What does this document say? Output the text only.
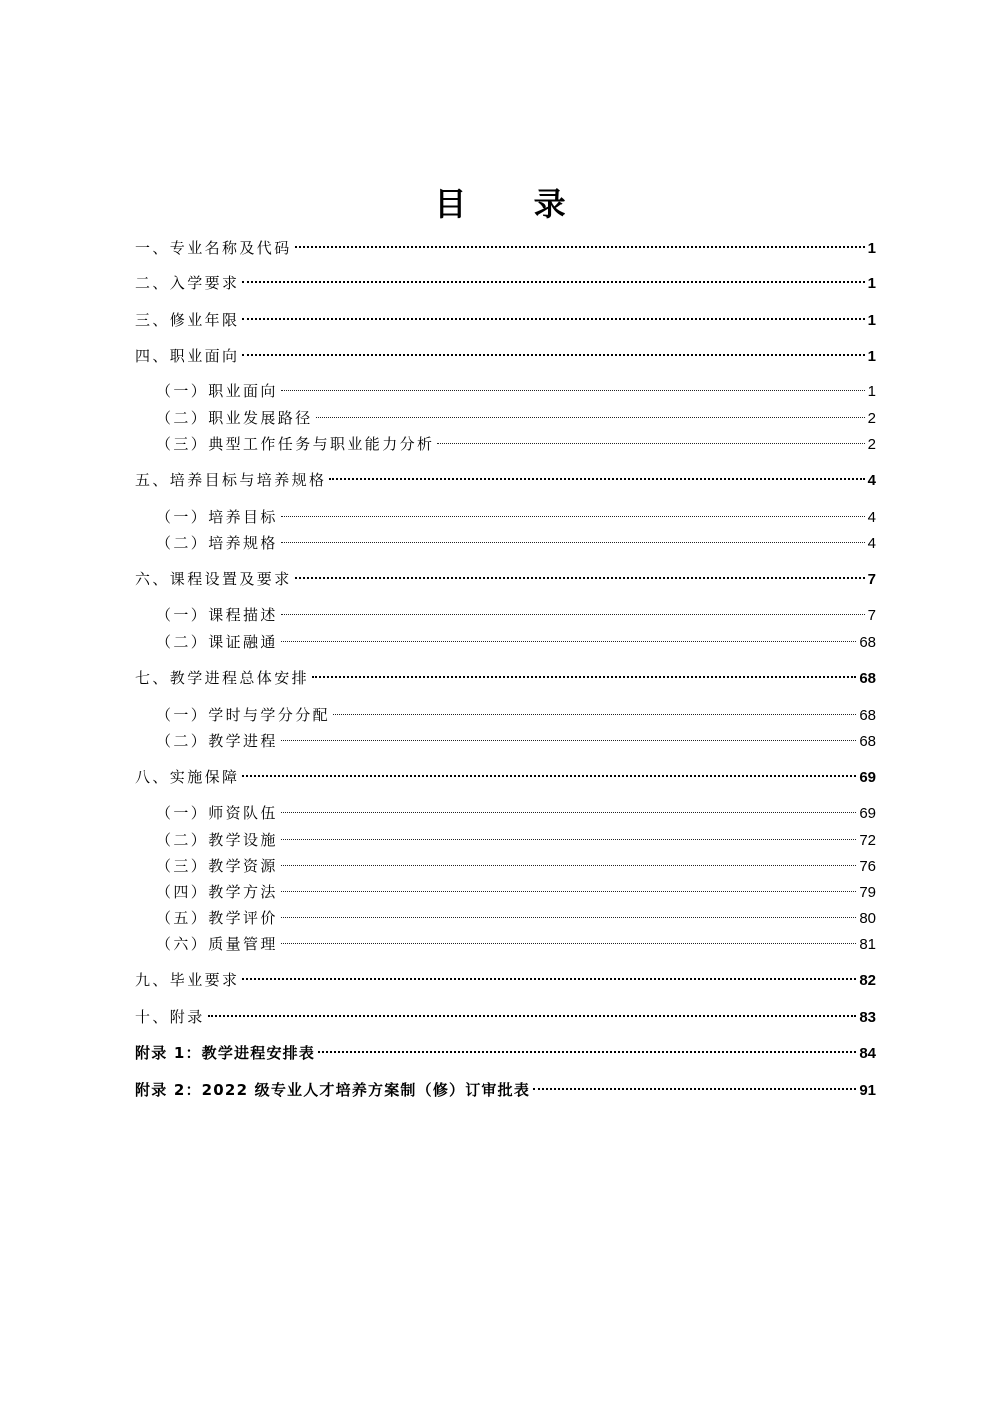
目 录
一、专业名称及代码	1
二、入学要求	1
三、修业年限	1
四、职业面向	1
（一）职业面向	1
（二）职业发展路径	2
（三）典型工作任务与职业能力分析	2
五、培养目标与培养规格	4
（一）培养目标	4
（二）培养规格	4
六、课程设置及要求	7
（一）课程描述	7
（二）课证融通	68
七、教学进程总体安排	68
（一）学时与学分分配	68
（二）教学进程	68
八、实施保障	69
（一）师资队伍	69
（二）教学设施	72
（三）教学资源	76
（四）教学方法	79
（五）教学评价	80
（六）质量管理	81
九、毕业要求	82
十、附录	83
附录 1：教学进程安排表	84
附录 2：2022 级专业人才培养方案制（修）订审批表	91
